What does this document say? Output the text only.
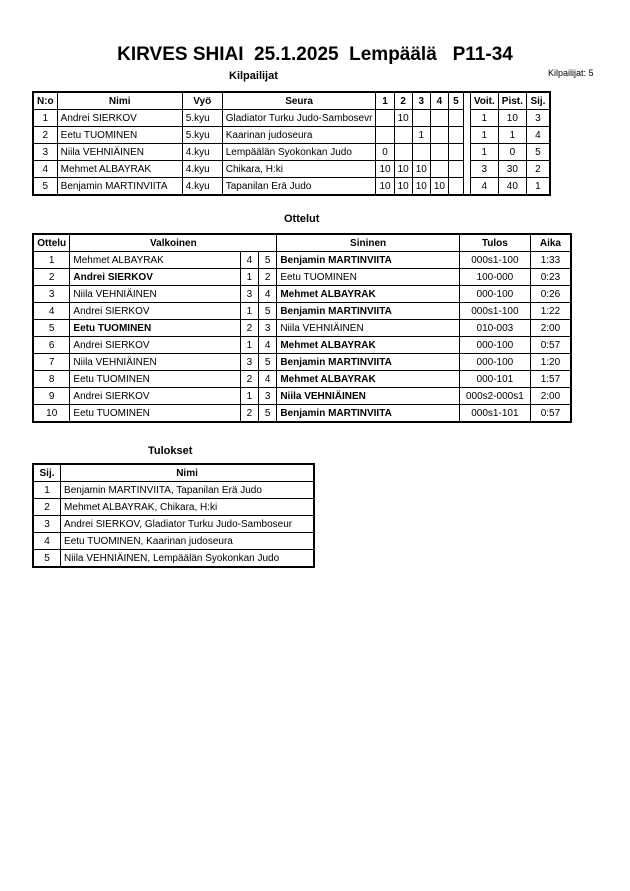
KIRVES SHIAI  25.1.2025  Lempäälä   P11-34
Kilpailijat: 5
Kilpailijat
N:o	Nimi	Vyö	Seura	1	2	3	4	5		Voit.	Pist.	Sij.
1	Andrei SIERKOV	5.kyu	Gladiator Turku Judo-Sambosevr		10					1	10	3
2	Eetu TUOMINEN	5.kyu	Kaarinan judoseura			1				1	1	4
3	Niila VEHNIÄINEN	4.kyu	Lempäälän Syokonkan Judo	0						1	0	5
4	Mehmet ALBAYRAK	4.kyu	Chikara, H:ki	10	10	10				3	30	2
5	Benjamin MARTINVIITA	4.kyu	Tapanilan Erä Judo	10	10	10	10			4	40	1
Ottelut
Ottelu	Valkoinen			Sininen	Tulos	Aika
1	Mehmet ALBAYRAK	4	5	Benjamin MARTINVIITA	000s1-100	1:33
2	Andrei SIERKOV	1	2	Eetu TUOMINEN	100-000	0:23
3	Niila VEHNIÄINEN	3	4	Mehmet ALBAYRAK	000-100	0:26
4	Andrei SIERKOV	1	5	Benjamin MARTINVIITA	000s1-100	1:22
5	Eetu TUOMINEN	2	3	Niila VEHNIÄINEN	010-003	2:00
6	Andrei SIERKOV	1	4	Mehmet ALBAYRAK	000-100	0:57
7	Niila VEHNIÄINEN	3	5	Benjamin MARTINVIITA	000-100	1:20
8	Eetu TUOMINEN	2	4	Mehmet ALBAYRAK	000-101	1:57
9	Andrei SIERKOV	1	3	Niila VEHNIÄINEN	000s2-000s1	2:00
10	Eetu TUOMINEN	2	5	Benjamin MARTINVIITA	000s1-101	0:57
Tulokset
Sij.	Nimi
1	Benjamin MARTINVIITA, Tapanilan Erä Judo
2	Mehmet ALBAYRAK, Chikara, H:ki
3	Andrei SIERKOV, Gladiator Turku Judo-Samboseur
4	Eetu TUOMINEN, Kaarinan judoseura
5	Niila VEHNIÄINEN, Lempäälän Syokonkan Judo
